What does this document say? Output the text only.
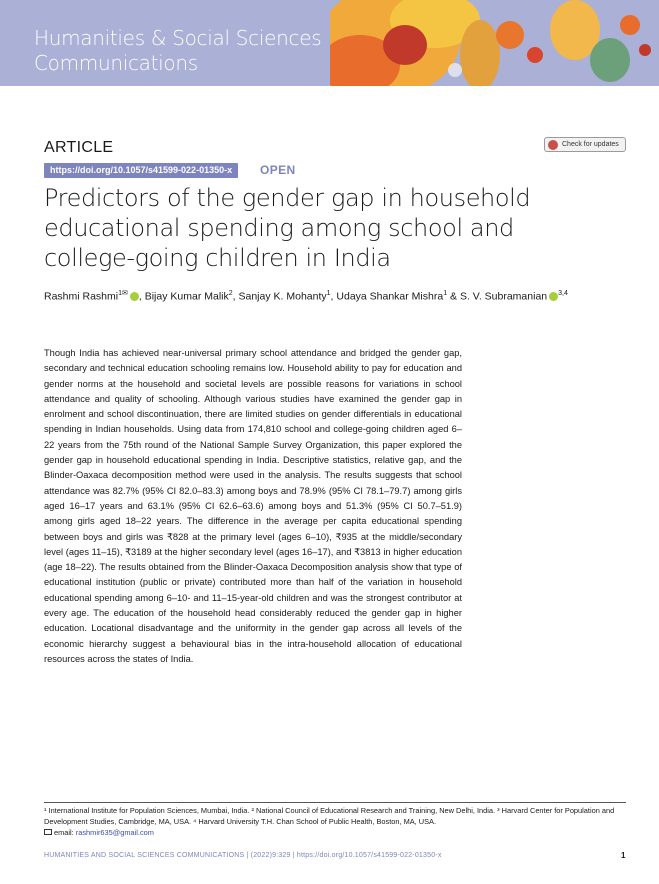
Humanities & Social Sciences
Communications
ARTICLE
https://doi.org/10.1057/s41599-022-01350-x	OPEN
Check for updates
Predictors of the gender gap in household educational spending among school and college-going children in India
Rashmi Rashmi$^{1✉}$ , Bijay Kumar Malik$^2$, Sanjay K. Mohanty$^1$, Udaya Shankar Mishra$^1$ & S. V. Subramanian $^{3,4}$

Though India has achieved near-universal primary school attendance and bridged the gender gap, secondary and technical education schooling remains low. Household ability to pay for education and gender norms at the household and societal levels are possible reasons for variations in school attendance and quality of schooling. Although various studies have examined the gender gap in enrolment and school discontinuation, there are limited studies on gender differentials in educational spending in Indian households. Using data from 174,810 school and college-going children aged 6–22 years from the 75th round of the National Sample Survey Organization, this paper explored the gender gap in household educational spending in India. Descriptive statistics, relative gap, and the Blinder-Oaxaca decomposition method were used in the analysis. The results suggests that school attendance was 82.7% (95% CI 82.0–83.3) among boys and 78.9% (95% CI 78.1–79.7) among girls aged 16–17 years and 63.1% (95% CI 62.6–63.6) among boys and 51.3% (95% CI 50.7–51.9) among girls aged 18–22 years. The difference in the average per capita educational spending between boys and girls was ₹828 at the primary level (ages 6–10), ₹935 at the middle/secondary level (ages 11–15), ₹3189 at the higher secondary level (ages 16–17), and ₹3813 in higher education (age 18–22). The results obtained from the Blinder-Oaxaca Decomposition analysis show that type of educational institution (public or private) contributed more than half of the variation in household educational spending among 6–10- and 11–15-year-old children and was the strongest contributor at every age. The education of the household head considerably reduced the gender gap in higher education. Locational disadvantage and the uniformity in the gender gap across all levels of the economic hierarchy suggest a behavioural bias in the intra-household allocation of educational resources across the states of India.

¹ International Institute for Population Sciences, Mumbai, India. ² National Council of Educational Research and Training, New Delhi, India. ³ Harvard Center for Population and Development Studies, Cambridge, MA, USA. ⁴ Harvard University T.H. Chan School of Public Health, Boston, MA, USA.
email: rashmir635@gmail.com
HUMANITIES AND SOCIAL SCIENCES COMMUNICATIONS | (2022)9:329 | https://doi.org/10.1057/s41599-022-01350-x	1
